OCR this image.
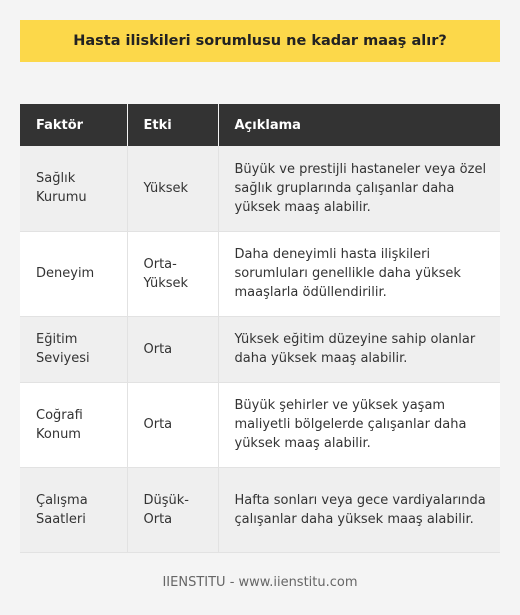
Hasta iliskileri sorumlusu ne kadar maaş alır?
Faktör	Etki	Açıklama
Sağlık Kurumu	Yüksek	Büyük ve prestijli hastaneler veya özel sağlık gruplarında çalışanlar daha yüksek maaş alabilir.
Deneyim	Orta-Yüksek	Daha deneyimli hasta ilişkileri sorumluları genellikle daha yüksek maaşlarla ödüllendirilir.
Eğitim Seviyesi	Orta	Yüksek eğitim düzeyine sahip olanlar daha yüksek maaş alabilir.
Coğrafi Konum	Orta	Büyük şehirler ve yüksek yaşam maliyetli bölgelerde çalışanlar daha yüksek maaş alabilir.
Çalışma Saatleri	Düşük-Orta	Hafta sonları veya gece vardiyalarında çalışanlar daha yüksek maaş alabilir.
IIENSTITU - www.iienstitu.com
